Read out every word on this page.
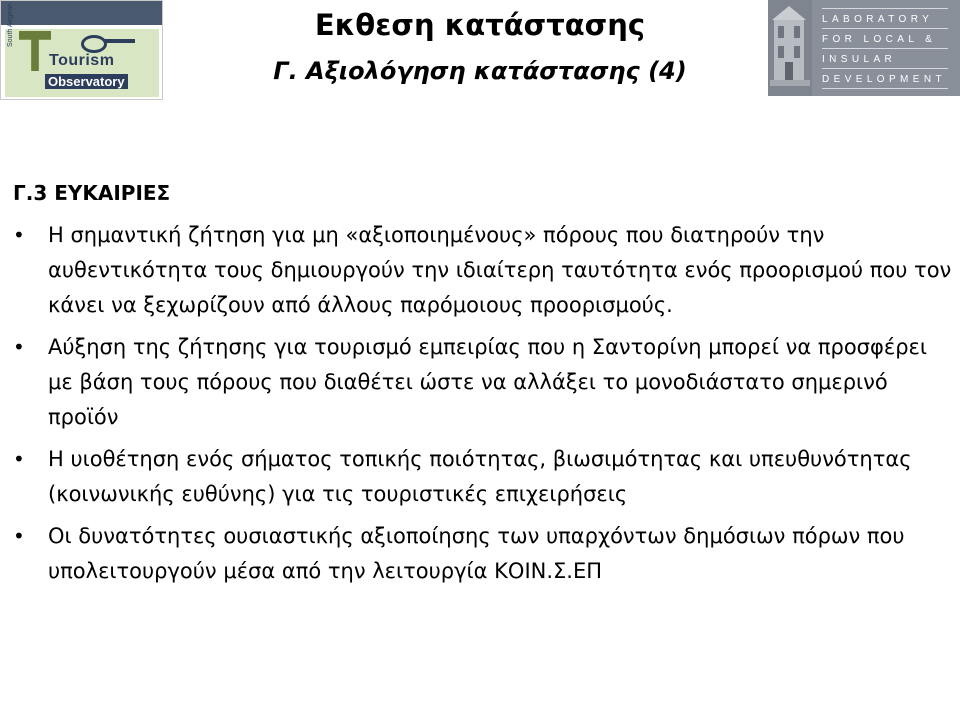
South Aegean
Tourism
Observatory
Εκθεση κατάστασης
Γ. Αξιολόγηση κατάστασης (4)
LABORATORY
FOR LOCAL &
INSULAR
DEVELOPMENT
Γ.3 ΕΥΚΑΙΡΙΕΣ
• Η σημαντική ζήτηση για μη «αξιοποιημένους» πόρους που διατηρούν την αυθεντικότητα τους δημιουργούν την ιδιαίτερη ταυτότητα ενός προορισμού που τον κάνει να ξεχωρίζουν από άλλους παρόμοιους προορισμούς.
• Αύξηση της ζήτησης για τουρισμό εμπειρίας που η Σαντορίνη μπορεί να προσφέρει με βάση τους πόρους που διαθέτει ώστε να αλλάξει το μονοδιάστατο σημερινό προϊόν
• Η υιοθέτηση ενός σήματος τοπικής ποιότητας, βιωσιμότητας και υπευθυνότητας (κοινωνικής ευθύνης) για τις τουριστικές επιχειρήσεις
• Οι δυνατότητες ουσιαστικής αξιοποίησης των υπαρχόντων δημόσιων πόρων που υπολειτουργούν μέσα από την λειτουργία ΚΟΙΝ.Σ.ΕΠ
